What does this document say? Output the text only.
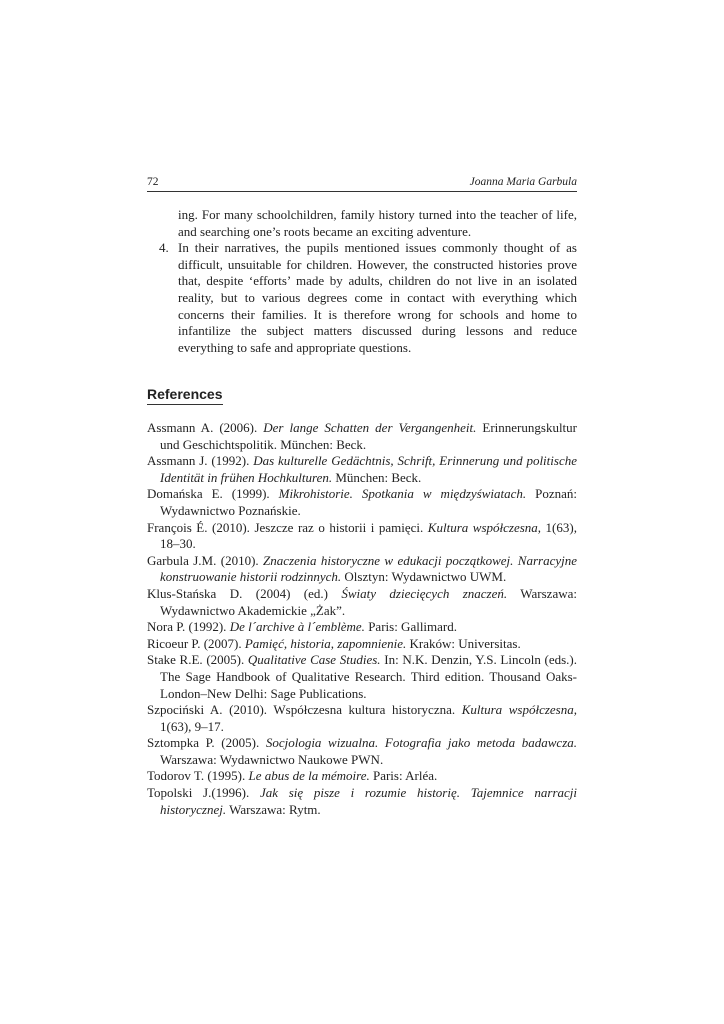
72	Joanna Maria Garbula
ing. For many schoolchildren, family history turned into the teacher of life, and searching one’s roots became an exciting adventure.
4. In their narratives, the pupils mentioned issues commonly thought of as difficult, unsuitable for children. However, the constructed histories prove that, despite ‘efforts’ made by adults, children do not live in an isolated reality, but to various degrees come in contact with everything which concerns their families. It is therefore wrong for schools and home to infantilize the subject matters discussed during lessons and reduce everything to safe and appropriate questions.
References

Assmann A. (2006). Der lange Schatten der Vergangenheit. Erinnerungskultur und Geschichtspolitik. München: Beck.

Assmann J. (1992). Das kulturelle Gedächtnis, Schrift, Erinnerung und politische Identität in frühen Hochkulturen. München: Beck.

Domańska E. (1999). Mikrohistorie. Spotkania w międzyświatach. Poznań: Wydawnictwo Poznańskie.

François É. (2010). Jeszcze raz o historii i pamięci. Kultura współczesna, 1(63), 18–30.

Garbula J.M. (2010). Znaczenia historyczne w edukacji początkowej. Narracyjne konstruowanie historii rodzinnych. Olsztyn: Wydawnictwo UWM.

Klus-Stańska D. (2004) (ed.) Światy dziecięcych znaczeń. Warszawa: Wydawnictwo Akademickie „Żak”.

Nora P. (1992). De l´archive à l´emblème. Paris: Gallimard.

Ricoeur P. (2007). Pamięć, historia, zapomnienie. Kraków: Universitas.

Stake R.E. (2005). Qualitative Case Studies. In: N.K. Denzin, Y.S. Lincoln (eds.). The Sage Handbook of Qualitative Research. Third edition. Thousand Oaks-London–New Delhi: Sage Publications.

Szpociński A. (2010). Współczesna kultura historyczna. Kultura współczesna, 1(63), 9–17.

Sztompka P. (2005). Socjologia wizualna. Fotografia jako metoda badawcza. Warszawa: Wydawnictwo Naukowe PWN.

Todorov T. (1995). Le abus de la mémoire. Paris: Arléa.

Topolski J.(1996). Jak się pisze i rozumie historię. Tajemnice narracji historycznej. Warszawa: Rytm.
